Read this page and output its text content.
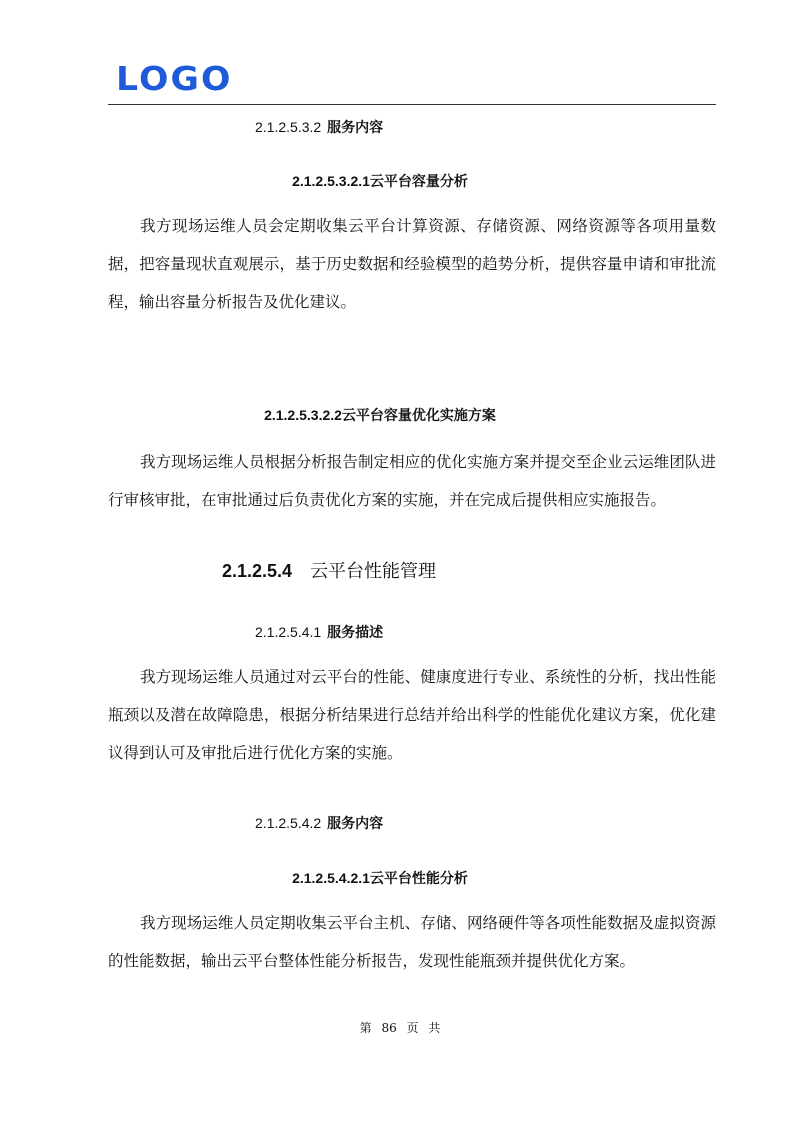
LOGO
2.1.2.5.3.2 服务内容
2.1.2.5.3.2.1云平台容量分析

我方现场运维人员会定期收集云平台计算资源、存储资源、网络资源等各项用量数据，把容量现状直观展示，基于历史数据和经验模型的趋势分析，提供容量申请和审批流程，输出容量分析报告及优化建议。

2.1.2.5.3.2.2云平台容量优化实施方案

我方现场运维人员根据分析报告制定相应的优化实施方案并提交至企业云运维团队进行审核审批，在审批通过后负责优化方案的实施，并在完成后提供相应实施报告。

2.1.2.5.4 云平台性能管理
2.1.2.5.4.1 服务描述

我方现场运维人员通过对云平台的性能、健康度进行专业、系统性的分析，找出性能瓶颈以及潜在故障隐患，根据分析结果进行总结并给出科学的性能优化建议方案，优化建议得到认可及审批后进行优化方案的实施。

2.1.2.5.4.2 服务内容
2.1.2.5.4.2.1云平台性能分析

我方现场运维人员定期收集云平台主机、存储、网络硬件等各项性能数据及虚拟资源的性能数据，输出云平台整体性能分析报告，发现性能瓶颈并提供优化方案。

第 86 页 共
